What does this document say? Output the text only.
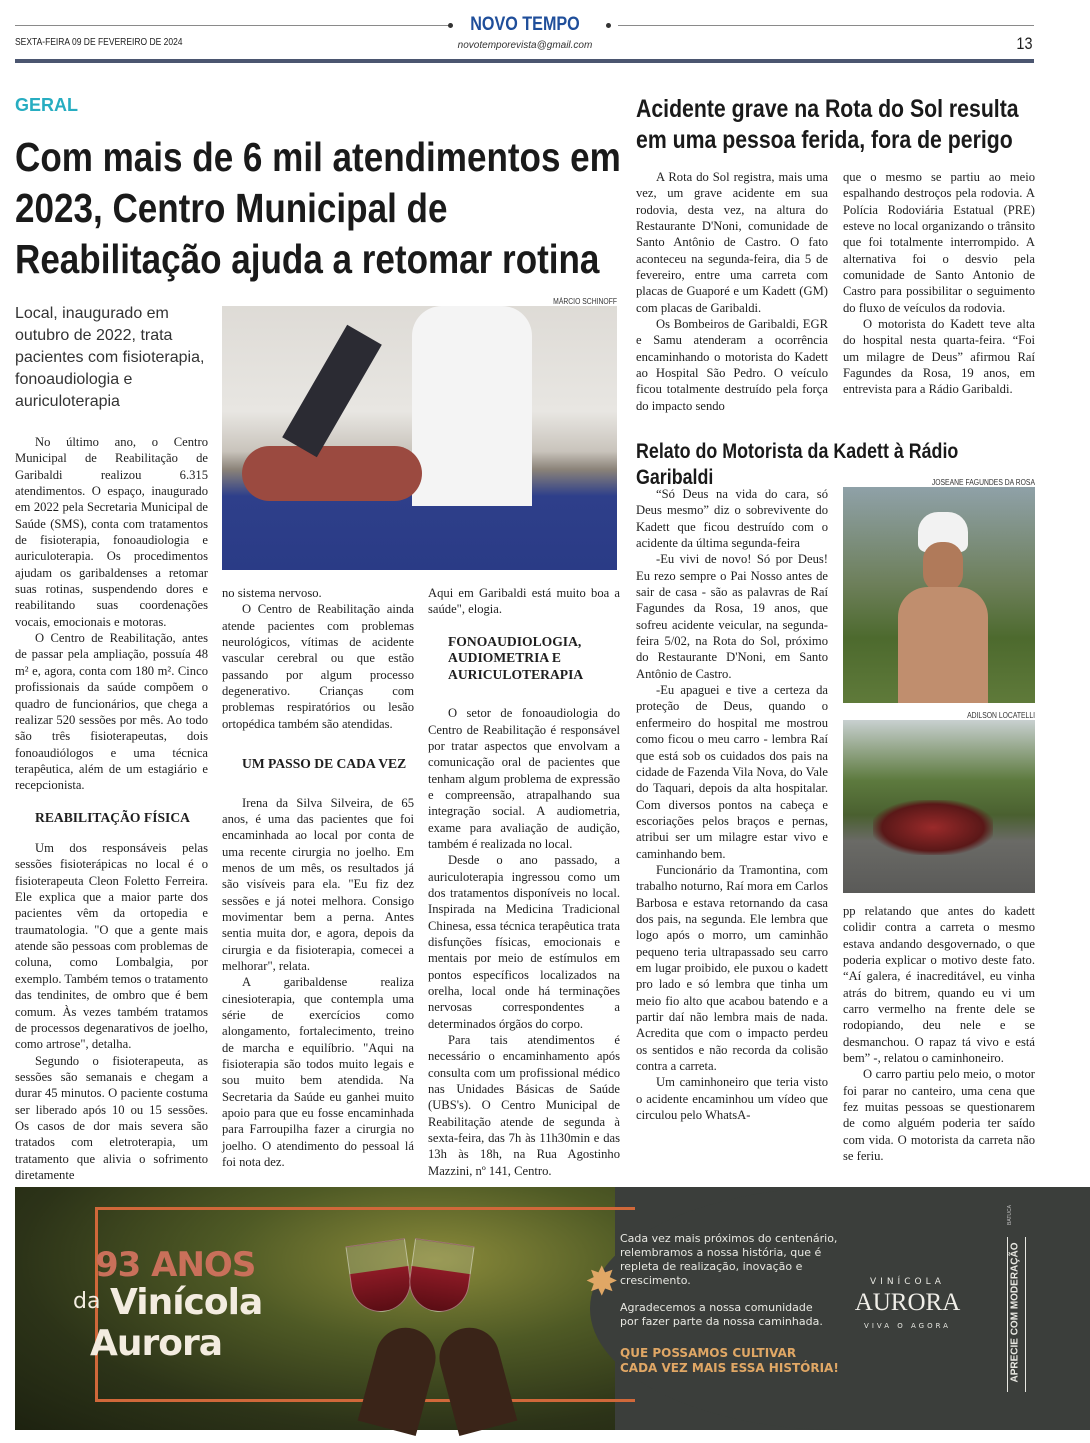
NOVO TEMPO
SEXTA-FEIRA 09 DE FEVEREIRO DE 2024	novotemporevista@gmail.com	13
GERAL
Com mais de 6 mil atendimentos em 2023, Centro Municipal de Reabilitação ajuda a retomar rotina
Local, inaugurado em outubro de 2022, trata pacientes com fisioterapia, fonoaudiologia e auriculoterapia
MÁRCIO SCHINOFF

No último ano, o Centro Municipal de Reabilitação de Garibaldi realizou 6.315 atendimentos. O espaço, inaugurado em 2022 pela Secretaria Municipal de Saúde (SMS), conta com tratamentos de fisioterapia, fonoaudiologia e auriculoterapia. Os procedimentos ajudam os garibaldenses a retomar suas rotinas, suspendendo dores e reabilitando suas coordenações vocais, emocionais e motoras.

O Centro de Reabilitação, antes de passar pela ampliação, possuía 48 m² e, agora, conta com 180 m². Cinco profissionais da saúde compõem o quadro de funcionários, que chega a realizar 520 sessões por mês. Ao todo são três fisioterapeutas, dois fonoaudiólogos e uma técnica terapêutica, além de um estagiário e recepcionista.

REABILITAÇÃO FÍSICA

Um dos responsáveis pelas sessões fisioterápicas no local é o fisioterapeuta Cleon Foletto Ferreira. Ele explica que a maior parte dos pacientes vêm da ortopedia e traumatologia. "O que a gente mais atende são pessoas com problemas de coluna, como Lombalgia, por exemplo. Também temos o tratamento das tendinites, de ombro que é bem comum. Às vezes também tratamos de processos degenarativos de joelho, como artrose", detalha.

Segundo o fisioterapeuta, as sessões são semanais e chegam a durar 45 minutos. O paciente costuma ser liberado após 10 ou 15 sessões. Os casos de dor mais severa são tratados com eletroterapia, um tratamento que alivia o sofrimento diretamente

no sistema nervoso.

O Centro de Reabilitação ainda atende pacientes com problemas neurológicos, vítimas de acidente vascular cerebral ou que estão passando por algum processo degenerativo. Crianças com problemas respiratórios ou lesão ortopédica também são atendidas.

UM PASSO DE CADA VEZ

Irena da Silva Silveira, de 65 anos, é uma das pacientes que foi encaminhada ao local por conta de uma recente cirurgia no joelho. Em menos de um mês, os resultados já são visíveis para ela. "Eu fiz dez sessões e já notei melhora. Consigo movimentar bem a perna. Antes sentia muita dor, e agora, depois da cirurgia e da fisioterapia, comecei a melhorar", relata.

A garibaldense realiza cinesioterapia, que contempla uma série de exercícios como alongamento, fortalecimento, treino de marcha e equilíbrio. "Aqui na fisioterapia são todos muito legais e sou muito bem atendida. Na Secretaria da Saúde eu ganhei muito apoio para que eu fosse encaminhada para Farroupilha fazer a cirurgia no joelho. O atendimento do pessoal lá foi nota dez.

Aqui em Garibaldi está muito boa a saúde", elogia.

FONOAUDIOLOGIA, AUDIOMETRIA E AURICULOTERAPIA

O setor de fonoaudiologia do Centro de Reabilitação é responsável por tratar aspectos que envolvam a comunicação oral de pacientes que tenham algum problema de expressão e compreensão, atrapalhando sua integração social. A audiometria, exame para avaliação de audição, também é realizada no local.

Desde o ano passado, a auriculoterapia ingressou como um dos tratamentos disponíveis no local. Inspirada na Medicina Tradicional Chinesa, essa técnica terapêutica trata disfunções físicas, emocionais e mentais por meio de estímulos em pontos específicos localizados na orelha, local onde há terminações nervosas correspondentes a determinados órgãos do corpo.

Para tais atendimentos é necessário o encaminhamento após consulta com um profissional médico nas Unidades Básicas de Saúde (UBS's). O Centro Municipal de Reabilitação atende de segunda à sexta-feira, das 7h às 11h30min e das 13h às 18h, na Rua Agostinho Mazzini, nº 141, Centro.

Acidente grave na Rota do Sol resulta em uma pessoa ferida, fora de perigo

A Rota do Sol registra, mais uma vez, um grave acidente em sua rodovia, desta vez, na altura do Restaurante D'Noni, comunidade de Santo Antônio de Castro. O fato aconteceu na segunda-feira, dia 5 de fevereiro, entre uma carreta com placas de Guaporé e um Kadett (GM) com placas de Garibaldi.

Os Bombeiros de Garibaldi, EGR e Samu atenderam a ocorrência encaminhando o motorista do Kadett ao Hospital São Pedro. O veículo ficou totalmente destruído pela força do impacto sendo

que o mesmo se partiu ao meio espalhando destroços pela rodovia. A Polícia Rodoviária Estatual (PRE) esteve no local organizando o trânsito que foi totalmente interrompido. A alternativa foi o desvio pela comunidade de Santo Antonio de Castro para possibilitar o seguimento do fluxo de veículos da rodovia.

O motorista do Kadett teve alta do hospital nesta quarta-feira. “Foi um milagre de Deus” afirmou Raí Fagundes da Rosa, 19 anos, em entrevista para a Rádio Garibaldi.

Relato do Motorista da Kadett à Rádio Garibaldi	JOSEANE FAGUNDES DA ROSA
ADILSON LOCATELLI

“Só Deus na vida do cara, só Deus mesmo” diz o sobrevivente do Kadett que ficou destruído com o acidente da última segunda-feira

-Eu vivi de novo! Só por Deus! Eu rezo sempre o Pai Nosso antes de sair de casa - são as palavras de Raí Fagundes da Rosa, 19 anos, que sofreu acidente veicular, na segunda-feira 5/02, na Rota do Sol, próximo do Restaurante D'Noni, em Santo Antônio de Castro.

-Eu apaguei e tive a certeza da proteção de Deus, quando o enfermeiro do hospital me mostrou como ficou o meu carro - lembra Raí que está sob os cuidados dos pais na cidade de Fazenda Vila Nova, do Vale do Taquari, depois da alta hospitalar. Com diversos pontos na cabeça e escoriações pelos braços e pernas, atribui ser um milagre estar vivo e caminhando bem.

Funcionário da Tramontina, com trabalho noturno, Raí mora em Carlos Barbosa e estava retornando da casa dos pais, na segunda. Ele lembra que logo após o morro, um caminhão pequeno teria ultrapassado seu carro em lugar proibido, ele puxou o kadett pro lado e só lembra que tinha um meio fio alto que acabou batendo e a partir daí não lembra mais de nada. Acredita que com o impacto perdeu os sentidos e não recorda da colisão contra a carreta.

Um caminhoneiro que teria visto o acidente encaminhou um vídeo que circulou pelo WhatsA-

pp relatando que antes do kadett colidir contra a carreta o mesmo estava andando desgovernado, o que poderia explicar o motivo deste fato. “Aí galera, é inacreditável, eu vinha atrás do bitrem, quando eu vi um carro vermelho na frente dele se rodopiando, deu nele e se desmanchou. O rapaz tá vivo e está bem” -, relatou o caminhoneiro.

O carro partiu pelo meio, o motor foi parar no canteiro, uma cena que fez muitas pessoas se questionarem de como alguém poderia ter saído com vida. O motorista da carreta não se feriu.

93 ANOS
da Vinícola
Aurora
✸
Cada vez mais próximos do centenário, relembramos a nossa história, que é repleta de realização, inovação e crescimento.
Agradecemos a nossa comunidade por fazer parte da nossa caminhada.
QUE POSSAMOS CULTIVAR
CADA VEZ MAIS ESSA HISTÓRIA!
VINÍCOLA
AURORA
VIVA O AGORA	APRECIE COM MODERAÇÃO
BATUCA
